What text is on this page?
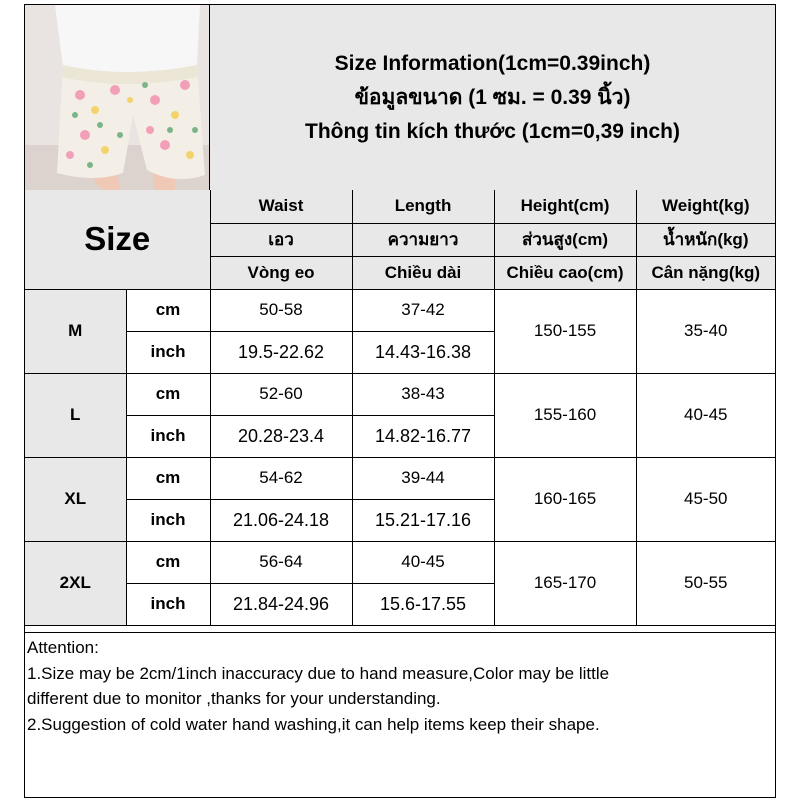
Size Information(1cm=0.39inch)
ข้อมูลขนาด (1 ซม. = 0.39 นิ้ว)
Thông tin kích thước (1cm=0,39 inch)
Size		Waist	Length	Height(cm)	Weight(kg)
		เอว	ความยาว	ส่วนสูง(cm)	น้ำหนัก(kg)
		Vòng eo	Chiều dài	Chiều cao(cm)	Cân nặng(kg)
M	cm	50-58	37-42	150-155	35-40
	inch	19.5-22.62	14.43-16.38		
L	cm	52-60	38-43	155-160	40-45
	inch	20.28-23.4	14.82-16.77		
XL	cm	54-62	39-44	160-165	45-50
	inch	21.06-24.18	15.21-17.16		
2XL	cm	56-64	40-45	165-170	50-55
	inch	21.84-24.96	15.6-17.55		
Attention:
1.Size may be 2cm/1inch inaccuracy due to hand measure,Color may be little
different due to monitor ,thanks for your understanding.
2.Suggestion of cold water hand washing,it can help items keep their shape.
